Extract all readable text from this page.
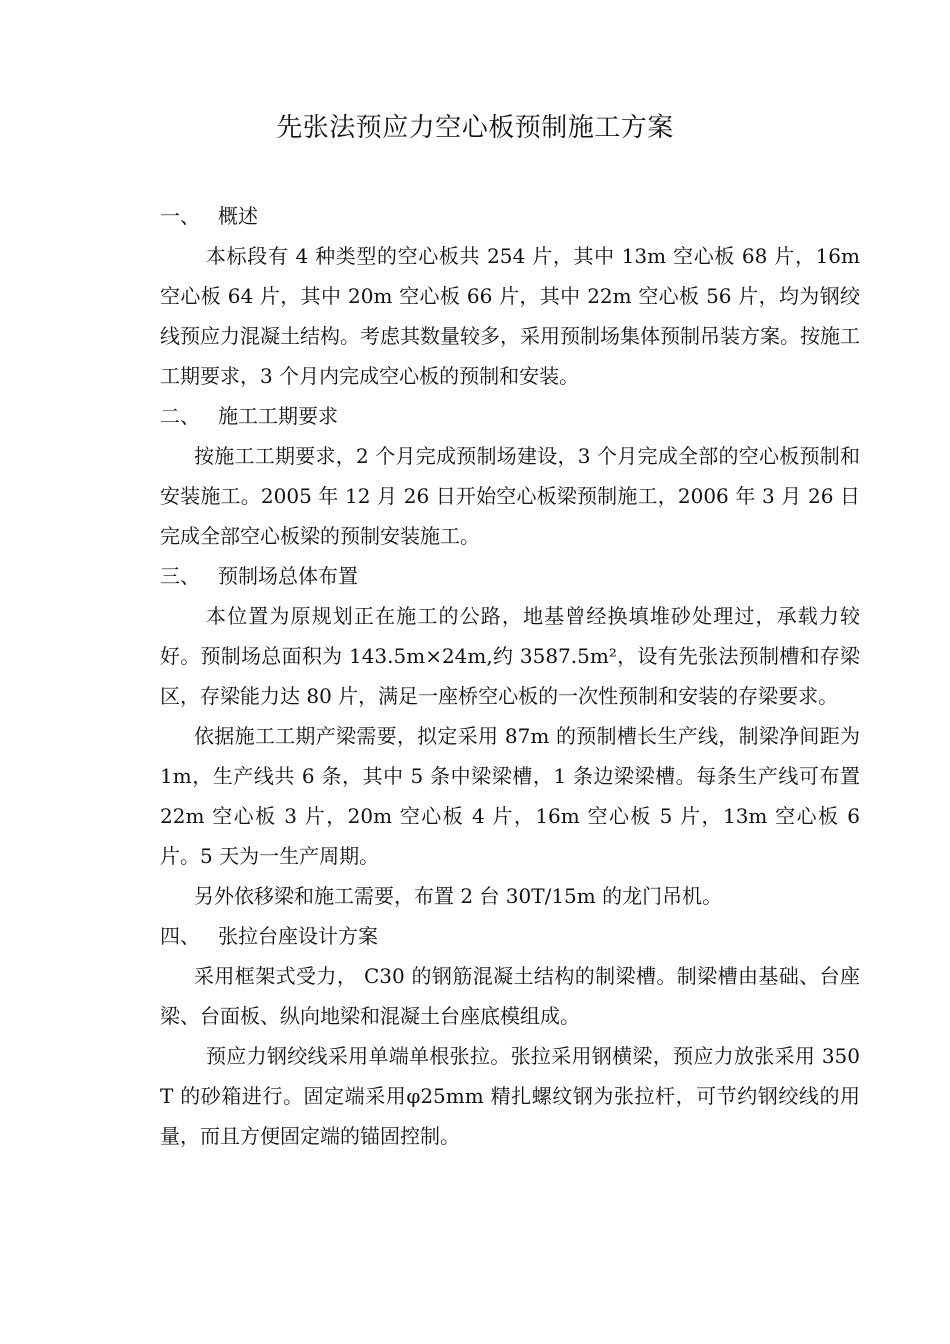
先张法预应力空心板预制施工方案
一、 概述

本标段有 4 种类型的空心板共 254 片，其中 13m 空心板 68 片，16m 空心板 64 片，其中 20m 空心板 66 片，其中 22m 空心板 56 片，均为钢绞线预应力混凝土结构。考虑其数量较多，采用预制场集体预制吊装方案。按施工工期要求，3 个月内完成空心板的预制和安装。

二、 施工工期要求

按施工工期要求，2 个月完成预制场建设，3 个月完成全部的空心板预制和安装施工。2005 年 12 月 26 日开始空心板梁预制施工，2006 年 3 月 26 日完成全部空心板梁的预制安装施工。

三、 预制场总体布置

本位置为原规划正在施工的公路，地基曾经换填堆砂处理过，承载力较好。预制场总面积为 143.5m×24m,约 3587.5m²，设有先张法预制槽和存梁区，存梁能力达 80 片，满足一座桥空心板的一次性预制和安装的存梁要求。

依据施工工期产梁需要，拟定采用 87m 的预制槽长生产线，制梁净间距为 1m，生产线共 6 条，其中 5 条中梁梁槽，1 条边梁梁槽。每条生产线可布置 22m 空心板 3 片，20m 空心板 4 片，16m 空心板 5 片，13m 空心板 6 片。5 天为一生产周期。

另外依移梁和施工需要，布置 2 台 30T/15m 的龙门吊机。

四、 张拉台座设计方案

采用框架式受力， C30 的钢筋混凝土结构的制梁槽。制梁槽由基础、台座梁、台面板、纵向地梁和混凝土台座底模组成。

预应力钢绞线采用单端单根张拉。张拉采用钢横梁，预应力放张采用 350T 的砂箱进行。固定端采用φ25mm 精扎螺纹钢为张拉杆，可节约钢绞线的用量，而且方便固定端的锚固控制。
